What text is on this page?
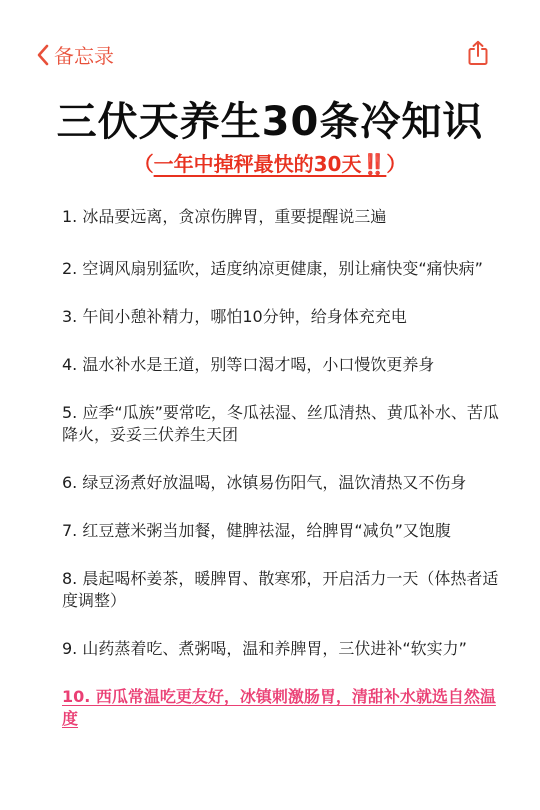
备忘录
三伏天养生30条冷知识
（一年中掉秤最快的30天‼️）

1. 冰品要远离，贪凉伤脾胃，重要提醒说三遍

2. 空调风扇别猛吹，适度纳凉更健康，别让痛快变“痛快病”

3. 午间小憩补精力，哪怕10分钟，给身体充充电

4. 温水补水是王道，别等口渴才喝，小口慢饮更养身

5. 应季“瓜族”要常吃，冬瓜祛湿、丝瓜清热、黄瓜补水、苦瓜降火，妥妥三伏养生天团

6. 绿豆汤煮好放温喝，冰镇易伤阳气，温饮清热又不伤身

7. 红豆薏米粥当加餐，健脾祛湿，给脾胃“减负”又饱腹

8. 晨起喝杯姜茶，暖脾胃、散寒邪，开启活力一天（体热者适度调整）

9. 山药蒸着吃、煮粥喝，温和养脾胃，三伏进补“软实力”

10. 西瓜常温吃更友好，冰镇刺激肠胃，清甜补水就选自然温度
